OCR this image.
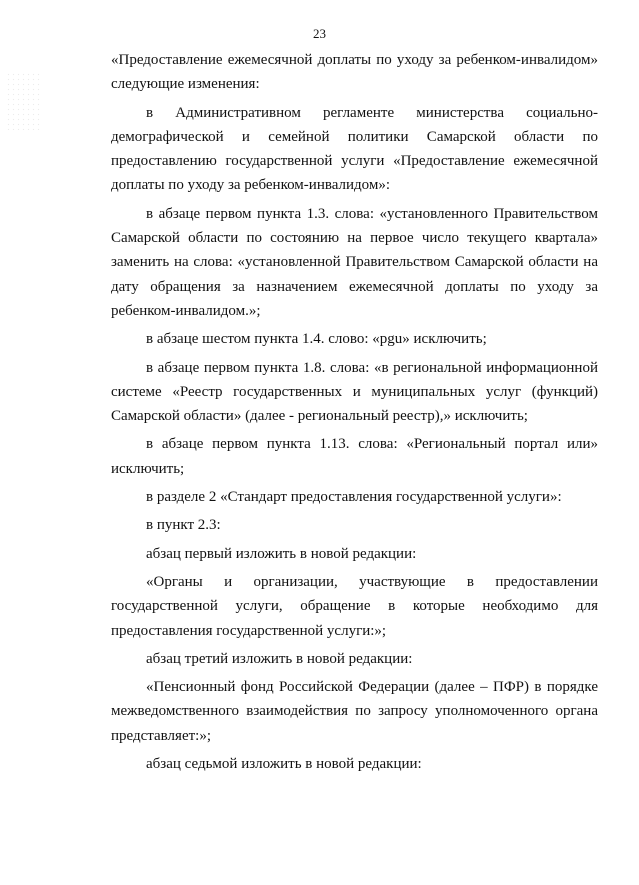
23

«Предоставление ежемесячной доплаты по уходу за ребенком-инвалидом» следующие изменения:

в Административном регламенте министерства социально-демографической и семейной политики Самарской области по предоставлению государственной услуги «Предоставление ежемесячной доплаты по уходу за ребенком-инвалидом»:

в абзаце первом пункта 1.3. слова: «установленного Правительством Самарской области по состоянию на первое число текущего квартала» заменить на слова: «установленной Правительством Самарской области на дату обращения за назначением ежемесячной доплаты по уходу за ребенком-инвалидом.»;

в абзаце шестом пункта 1.4. слово: «pgu» исключить;

в абзаце первом пункта 1.8. слова: «в региональной информационной системе «Реестр государственных и муниципальных услуг (функций) Самарской области» (далее - региональный реестр),» исключить;

в абзаце первом пункта 1.13. слова: «Региональный портал или» исключить;

в разделе 2 «Стандарт предоставления государственной услуги»:

в пункт 2.3:

абзац первый изложить в новой редакции:

«Органы и организации, участвующие в предоставлении государственной услуги, обращение в которые необходимо для предоставления государственной услуги:»;

абзац третий изложить в новой редакции:

«Пенсионный фонд Российской Федерации (далее – ПФР) в порядке межведомственного взаимодействия по запросу уполномоченного органа представляет:»;

абзац седьмой изложить в новой редакции:
